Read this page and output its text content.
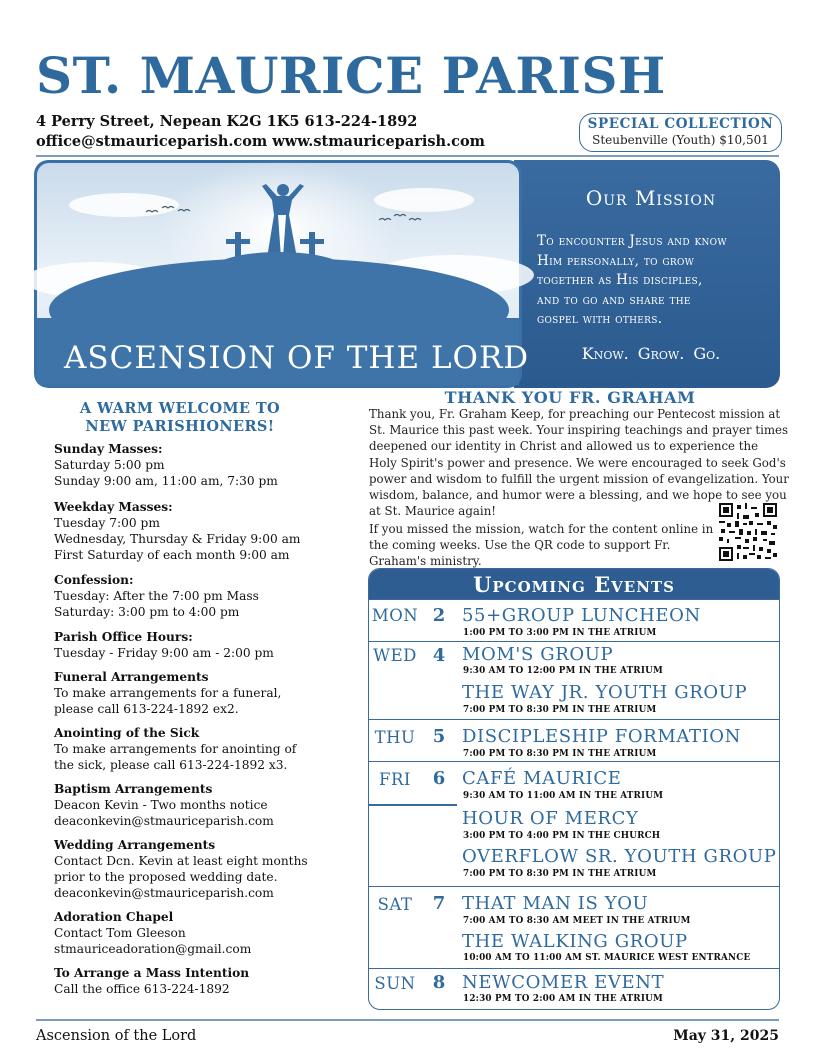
ST. MAURICE PARISH
4 Perry Street, Nepean K2G 1K5 613-224-1892
office@stmauriceparish.com www.stmauriceparish.com
SPECIAL COLLECTION
Steubenville (Youth) $10,501
ASCENSION OF THE LORD
Our Mission
To encounter Jesus and know
Him personally, to grow
together as His disciples,
and to go and share the
gospel with others.
Know. Grow. Go.
A WARM WELCOME TO
NEW PARISHIONERS!
Sunday Masses:
Saturday 5:00 pm
Sunday 9:00 am, 11:00 am, 7:30 pm
Weekday Masses:
Tuesday 7:00 pm
Wednesday, Thursday & Friday 9:00 am
First Saturday of each month 9:00 am
Confession:
Tuesday: After the 7:00 pm Mass
Saturday: 3:00 pm to 4:00 pm
Parish Office Hours:
Tuesday - Friday 9:00 am - 2:00 pm
Funeral Arrangements
To make arrangements for a funeral,
please call 613-224-1892 ex2.
Anointing of the Sick
To make arrangements for anointing of
the sick, please call 613-224-1892 x3.
Baptism Arrangements
Deacon Kevin - Two months notice
deaconkevin@stmauriceparish.com
Wedding Arrangements
Contact Dcn. Kevin at least eight months
prior to the proposed wedding date.
deaconkevin@stmauriceparish.com
Adoration Chapel
Contact Tom Gleeson
stmauriceadoration@gmail.com
To Arrange a Mass Intention
Call the office 613-224-1892
THANK YOU FR. GRAHAM
Thank you, Fr. Graham Keep, for preaching our Pentecost mission at St. Maurice this past week. Your inspiring teachings and prayer times deepened our identity in Christ and allowed us to experience the Holy Spirit's power and presence. We were encouraged to seek God's power and wisdom to fulfill the urgent mission of evangelization. Your wisdom, balance, and humor were a blessing, and we hope to see you at St. Maurice again!
If you missed the mission, watch for the content online in the coming weeks. Use the QR code to support Fr. Graham's ministry.
Upcoming Events
MON 2 55+GROUP LUNCHEON
1:00 PM TO 3:00 PM IN THE ATRIUM
WED 4 MOM'S GROUP
9:30 AM TO 12:00 PM IN THE ATRIUM
THE WAY JR. YOUTH GROUP
7:00 PM TO 8:30 PM IN THE ATRIUM
THU 5 DISCIPLESHIP FORMATION
7:00 PM TO 8:30 PM IN THE ATRIUM
FRI	6 CAFÉ MAURICE
9:30 AM TO 11:00 AM IN THE ATRIUM
HOUR OF MERCY
3:00 PM TO 4:00 PM IN THE CHURCH
OVERFLOW SR. YOUTH GROUP
7:00 PM TO 8:30 PM IN THE ATRIUM
SAT	7 THAT MAN IS YOU
7:00 AM TO 8:30 AM MEET IN THE ATRIUM
THE WALKING GROUP
10:00 AM TO 11:00 AM ST. MAURICE WEST ENTRANCE
SUN 8 NEWCOMER EVENT
12:30 PM TO 2:00 AM IN THE ATRIUM
Ascension of the Lord	May 31, 2025
